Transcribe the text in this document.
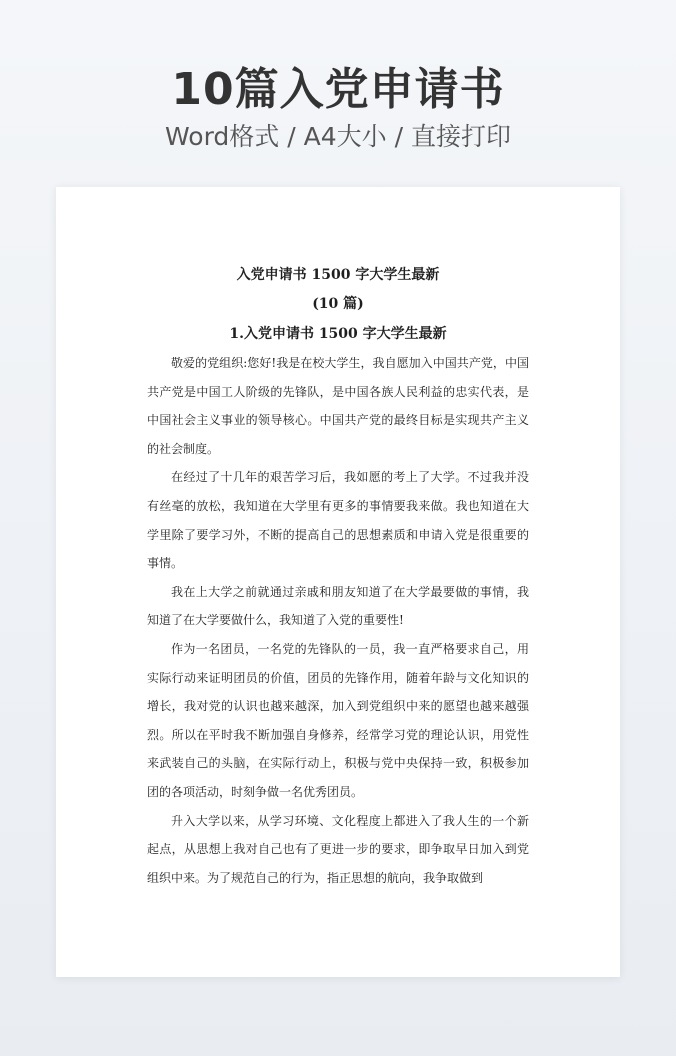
10篇入党申请书
Word格式 / A4大小 / 直接打印
入党申请书 1500 字大学生最新
(10 篇)
1.入党申请书 1500 字大学生最新

敬爱的党组织:您好!我是在校大学生，我自愿加入中国共产党，中国共产党是中国工人阶级的先锋队，是中国各族人民利益的忠实代表，是中国社会主义事业的领导核心。中国共产党的最终目标是实现共产主义的社会制度。

在经过了十几年的艰苦学习后，我如愿的考上了大学。不过我并没有丝毫的放松，我知道在大学里有更多的事情要我来做。我也知道在大学里除了要学习外，不断的提高自己的思想素质和申请入党是很重要的事情。

我在上大学之前就通过亲戚和朋友知道了在大学最要做的事情，我知道了在大学要做什么，我知道了入党的重要性!

作为一名团员，一名党的先锋队的一员，我一直严格要求自己，用实际行动来证明团员的价值，团员的先锋作用，随着年龄与文化知识的增长，我对党的认识也越来越深，加入到党组织中来的愿望也越来越强烈。所以在平时我不断加强自身修养，经常学习党的理论认识，用党性来武装自己的头脑，在实际行动上，积极与党中央保持一致，积极参加团的各项活动，时刻争做一名优秀团员。

升入大学以来，从学习环境、文化程度上都进入了我人生的一个新起点，从思想上我对自己也有了更进一步的要求，即争取早日加入到党组织中来。为了规范自己的行为，指正思想的航向，我争取做到
